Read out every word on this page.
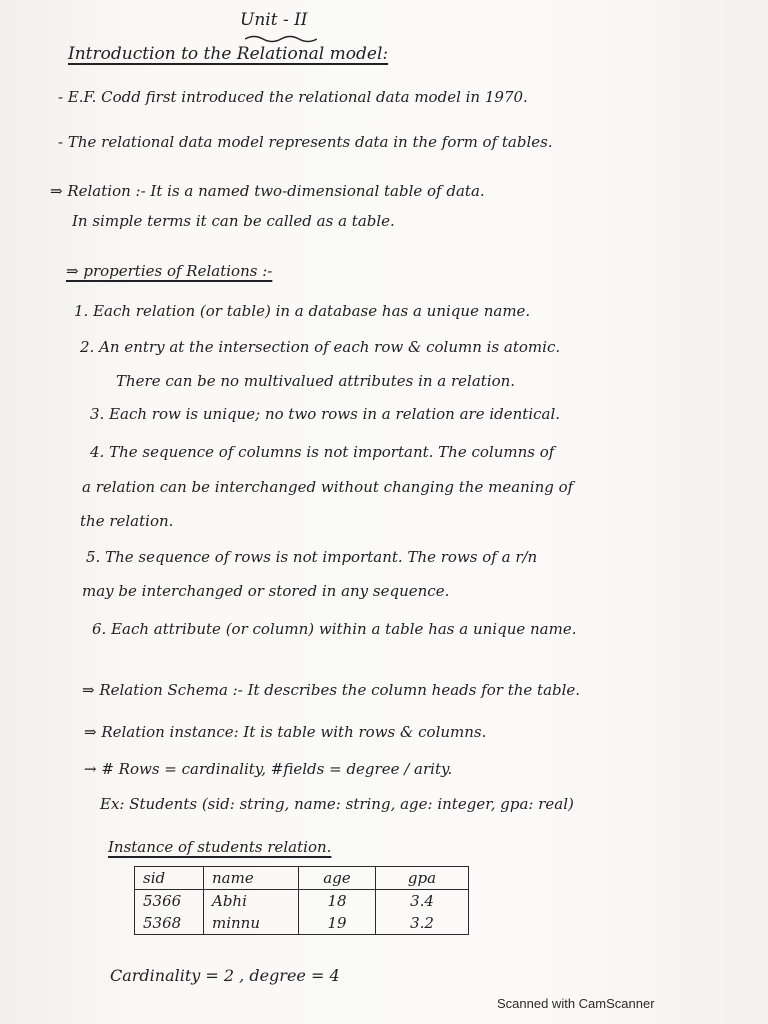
Unit - II
Introduction to the Relational model:
- E.F. Codd first introduced the relational data model in 1970.
- The relational data model represents data in the form of tables.
⇒ Relation :- It is a named two-dimensional table of data.
In simple terms it can be called as a table.
⇒ properties of Relations :-
1. Each relation (or table) in a database has a unique name.
2. An entry at the intersection of each row & column is atomic.
There can be no multivalued attributes in a relation.
3. Each row is unique; no two rows in a relation are identical.
4. The sequence of columns is not important. The columns of
a relation can be interchanged without changing the meaning of
the relation.
5. The sequence of rows is not important. The rows of a r/n
may be interchanged or stored in any sequence.
6. Each attribute (or column) within a table has a unique name.
⇒ Relation Schema :- It describes the column heads for the table.
⇒ Relation instance: It is table with rows & columns.
→ # Rows = cardinality, #fields = degree / arity.
Ex: Students (sid: string, name: string, age: integer, gpa: real)
Instance of students relation.
sid	name	age	gpa
5366	Abhi	18	3.4
5368	minnu	19	3.2
Cardinality = 2 , degree = 4
Scanned with CamScanner
